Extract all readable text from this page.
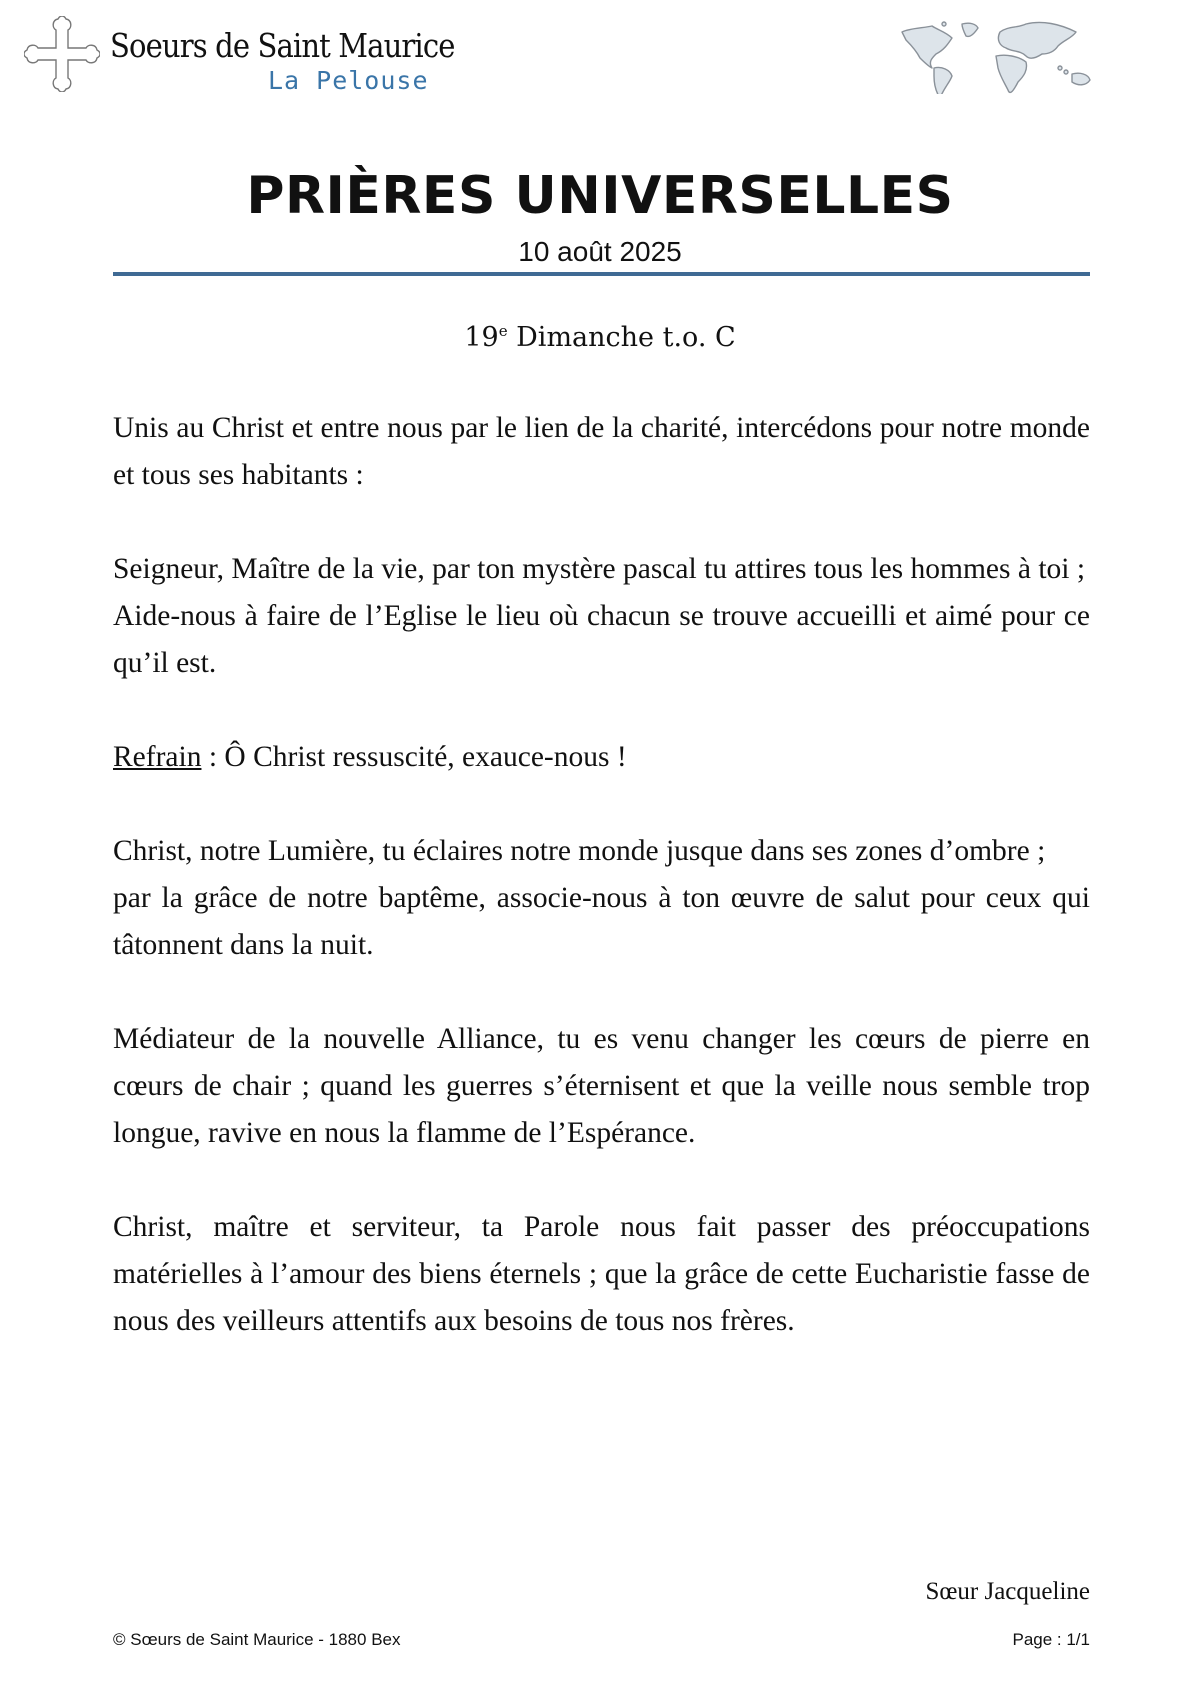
Soeurs de Saint Maurice
La Pelouse
PRIÈRES UNIVERSELLES
10 août 2025
19e Dimanche t.o. C

Unis au Christ et entre nous par le lien de la charité, intercédons pour notre monde et tous ses habitants :

Seigneur, Maître de la vie, par ton mystère pascal tu attires tous les hommes à toi ;
Aide-nous à faire de l’Eglise le lieu où chacun se trouve accueilli et aimé pour ce qu’il est.

Refrain : Ô Christ ressuscité, exauce-nous !

Christ, notre Lumière, tu éclaires notre monde jusque dans ses zones d’ombre ;
par la grâce de notre baptême, associe-nous à ton œuvre de salut pour ceux qui tâtonnent dans la nuit.

Médiateur de la nouvelle Alliance, tu es venu changer les cœurs de pierre en cœurs de chair ; quand les guerres s’éternisent et que la veille nous semble trop longue, ravive en nous la flamme de l’Espérance.

Christ, maître et serviteur, ta Parole nous fait passer des préoccupations matérielles à l’amour des biens éternels ; que la grâce de cette Eucharistie fasse de nous des veilleurs attentifs aux besoins de tous nos frères.

Sœur Jacqueline
© Sœurs de Saint Maurice - 1880 Bex	Page : 1/1
